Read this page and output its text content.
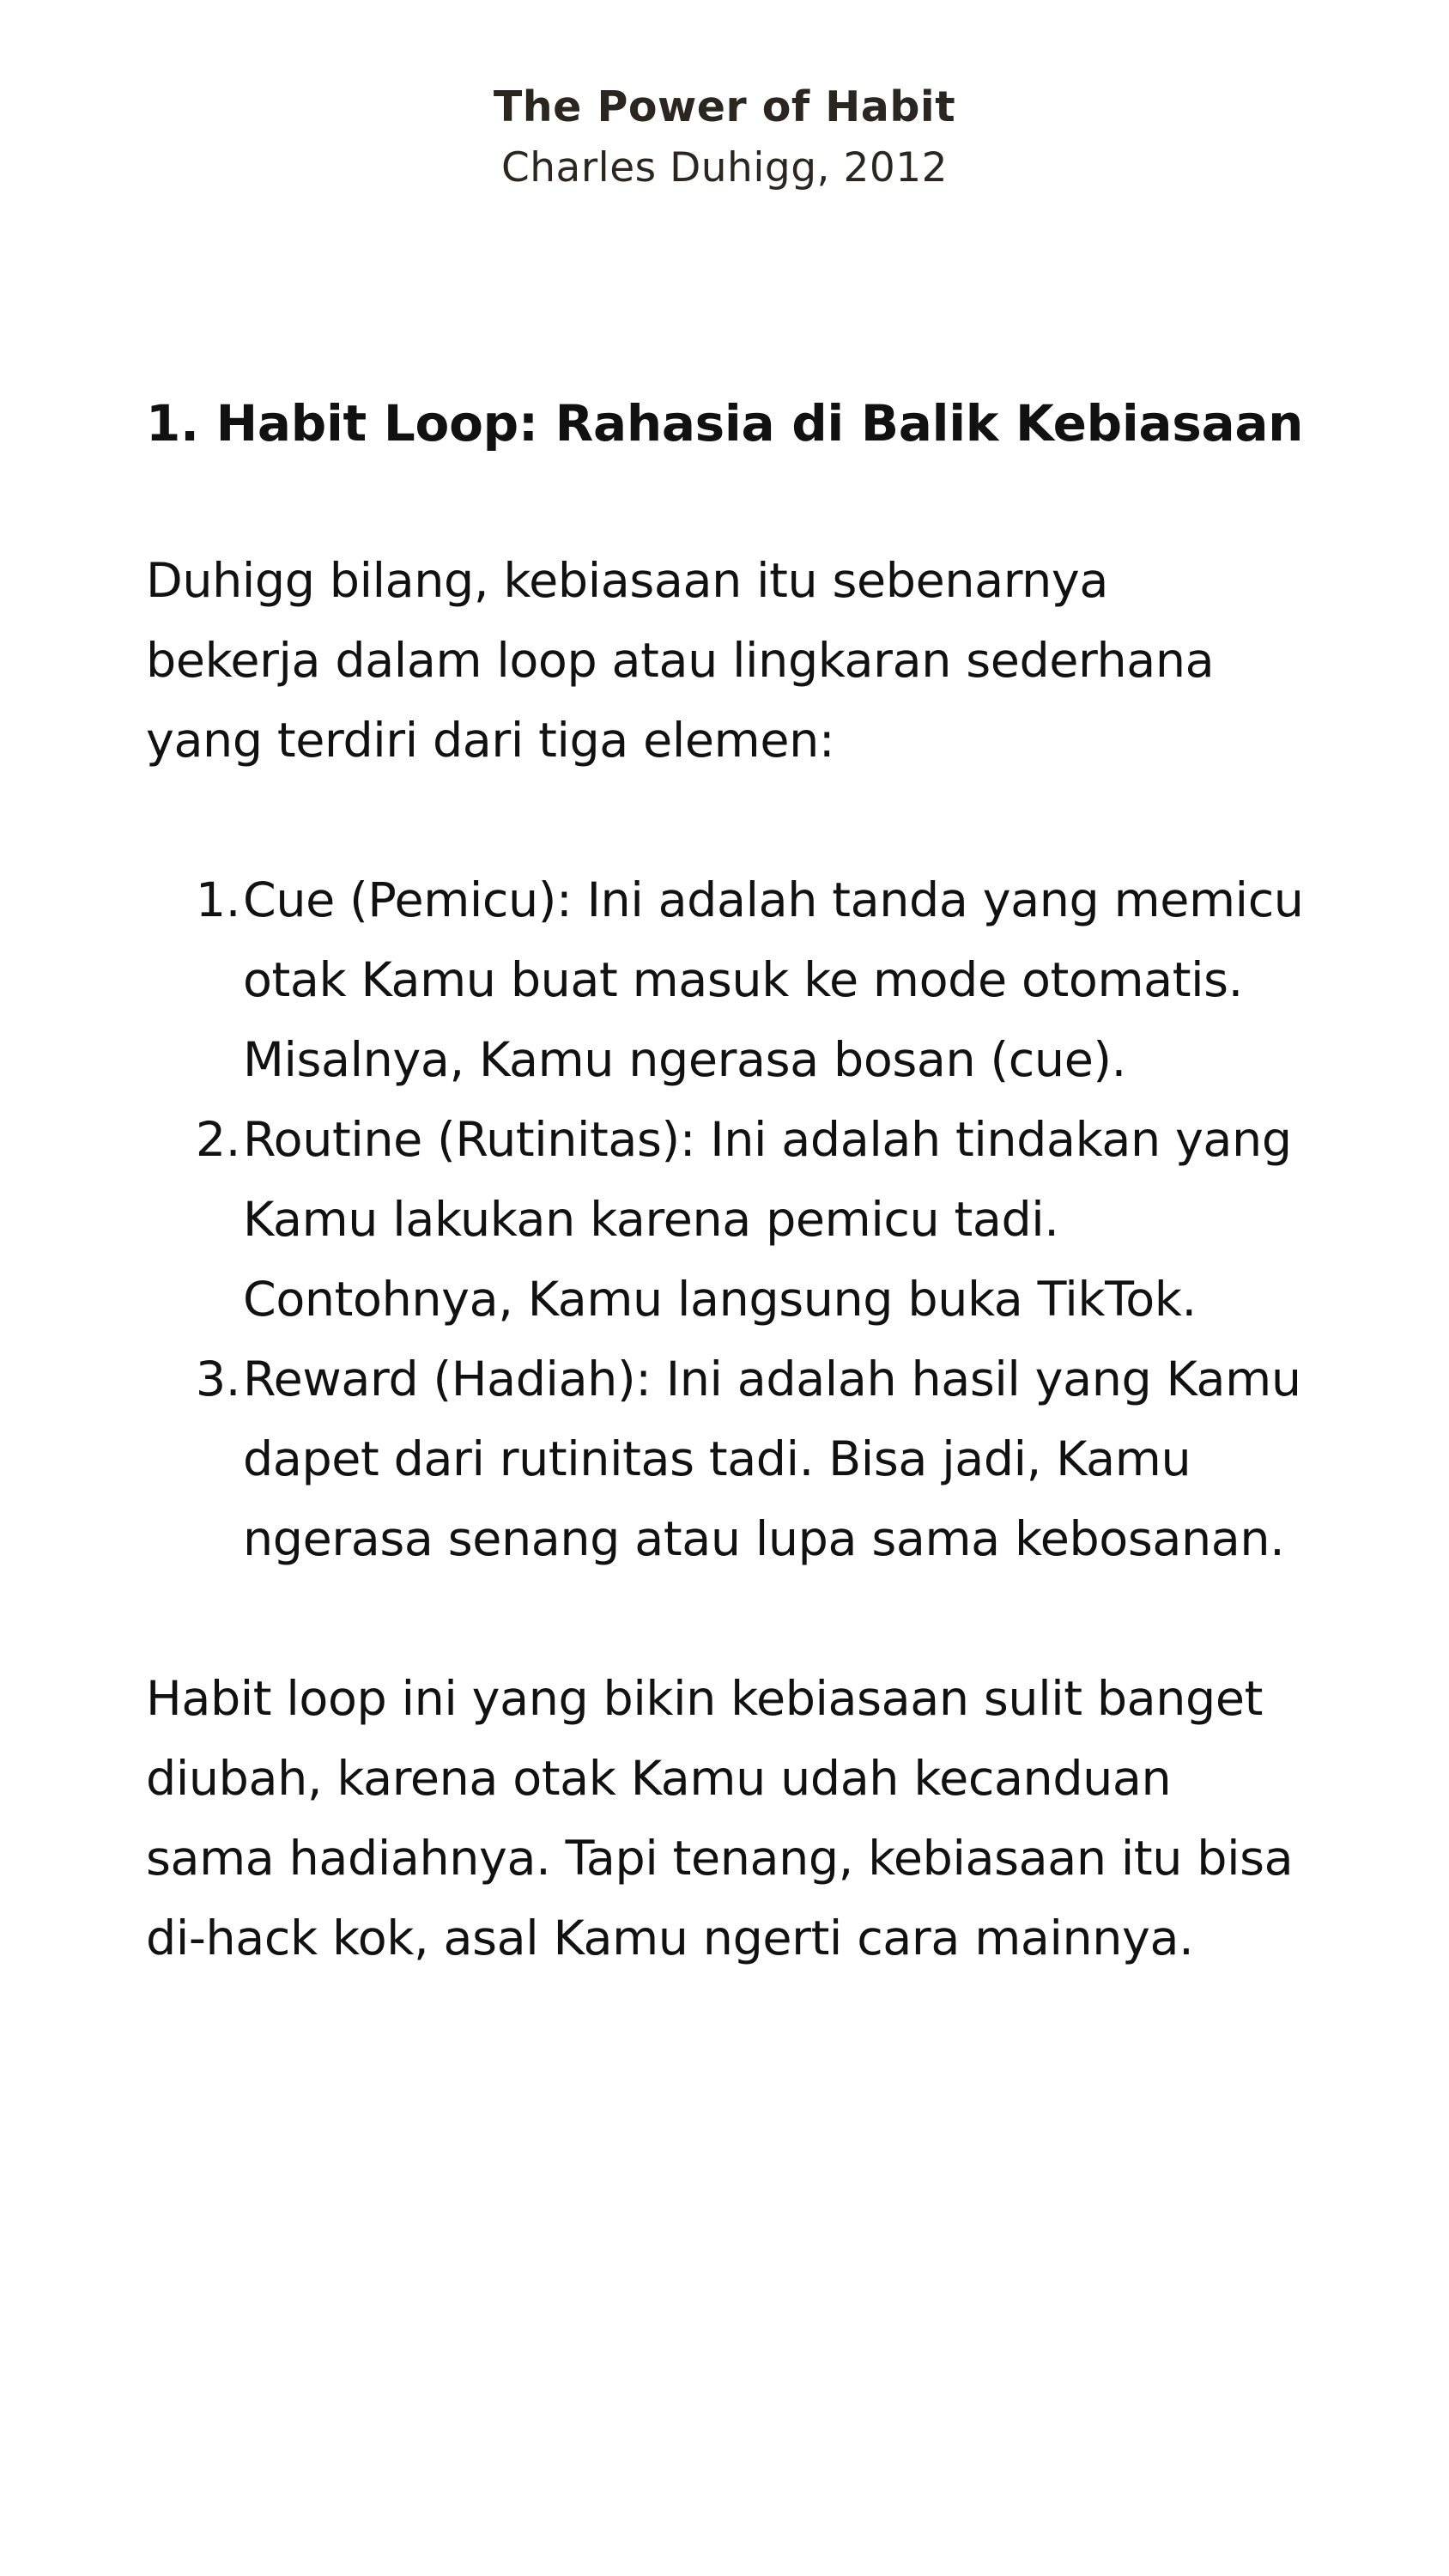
The Power of Habit
Charles Duhigg, 2012
1. Habit Loop: Rahasia di Balik Kebiasaan

Duhigg bilang, kebiasaan itu sebenarnya bekerja dalam loop atau lingkaran sederhana yang terdiri dari tiga elemen:

1. Cue (Pemicu): Ini adalah tanda yang memicu otak Kamu buat masuk ke mode otomatis. Misalnya, Kamu ngerasa bosan (cue).
2. Routine (Rutinitas): Ini adalah tindakan yang Kamu lakukan karena pemicu tadi. Contohnya, Kamu langsung buka TikTok.
3. Reward (Hadiah): Ini adalah hasil yang Kamu dapet dari rutinitas tadi. Bisa jadi, Kamu ngerasa senang atau lupa sama kebosanan.

Habit loop ini yang bikin kebiasaan sulit banget diubah, karena otak Kamu udah kecanduan sama hadiahnya. Tapi tenang, kebiasaan itu bisa di-hack kok, asal Kamu ngerti cara mainnya.
